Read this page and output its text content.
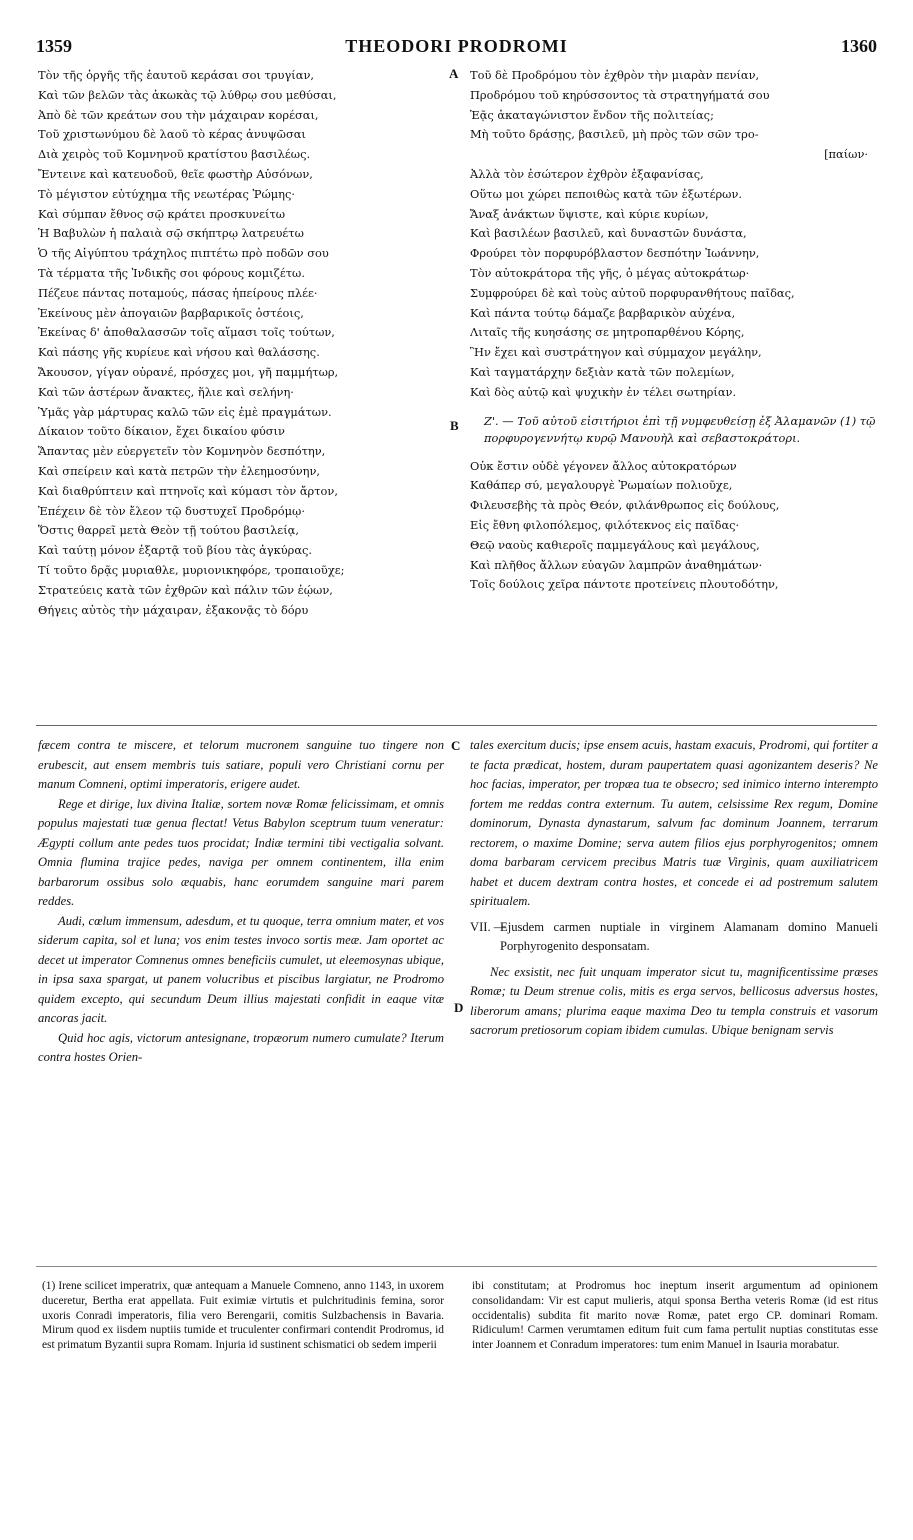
1359	THEODORI PRODROMI	1360
A
B
C
D
Τὸν τῆς ὀργῆς τῆς ἑαυτοῦ κεράσαι σοι τρυγίαν,
Καὶ τῶν βελῶν τὰς ἀκωκὰς τῷ λύθρῳ σου μεθύσαι,
Ἀπὸ δὲ τῶν κρεάτων σου τὴν μάχαιραν κορέσαι,
Τοῦ χριστωνύμου δὲ λαοῦ τὸ κέρας ἀνυψῶσαι
Διὰ χειρὸς τοῦ Κομνηνοῦ κρατίστου βασιλέως.
Ἔντεινε καὶ κατευοδοῦ, θεῖε φωστὴρ Αὐσόνων,
Τὸ μέγιστον εὐτύχημα τῆς νεωτέρας Ῥώμης·
Καὶ σύμπαν ἔθνος σῷ κράτει προσκυνείτω
Ἡ Βαβυλὼν ἡ παλαιὰ σῷ σκήπτρῳ λατρευέτω
Ὁ τῆς Αἰγύπτου τράχηλος πιπτέτω πρὸ ποδῶν σου
Τὰ τέρματα τῆς Ἰνδικῆς σοι φόρους κομιζέτω.
Πέζευε πάντας ποταμούς, πάσας ἠπείρους πλέε·
Ἐκείνους μὲν ἀπογαιῶν βαρβαρικοῖς ὀστέοις,
Ἐκείνας δ' ἀποθαλασσῶν τοῖς αἵμασι τοῖς τούτων,
Καὶ πάσης γῆς κυρίευε καὶ νήσου καὶ θαλάσσης.
Ἄκουσον, γίγαν οὐρανέ, πρόσχες μοι, γῆ παμμήτωρ,
Καὶ τῶν ἀστέρων ἄνακτες, ἥλιε καὶ σελήνη·
Ὑμᾶς γὰρ μάρτυρας καλῶ τῶν εἰς ἐμὲ πραγμάτων.
Δίκαιον τοῦτο δίκαιον, ἔχει δικαίου φύσιν
Ἅπαντας μὲν εὐεργετεῖν τὸν Κομνηνὸν δεσπότην,
Καὶ σπείρειν καὶ κατὰ πετρῶν τὴν ἐλεημοσύνην,
Καὶ διαθρύπτειν καὶ πτηνοῖς καὶ κύμασι τὸν ἄρτον,
Ἐπέχειν δὲ τὸν ἔλεον τῷ δυστυχεῖ Προδρόμῳ·
Ὅστις θαρρεῖ μετὰ Θεὸν τῇ τούτου βασιλείᾳ,
Καὶ ταύτῃ μόνον ἐξαρτᾷ τοῦ βίου τὰς ἀγκύρας.
Τί τοῦτο δρᾷς μυριαθλε, μυριονικηφόρε, τροπαιοῦχε;
Στρατεύεις κατὰ τῶν ἐχθρῶν καὶ πάλιν τῶν ἐῴων,
Θήγεις αὐτὸς τὴν μάχαιραν, ἐξακονᾷς τὸ δόρυ
Τοῦ δὲ Προδρόμου τὸν ἐχθρὸν τὴν μιαρὰν πενίαν,
Προδρόμου τοῦ κηρύσσοντος τὰ στρατηγήματά σου
Ἐᾷς ἀκαταγώνιστον ἔνδον τῆς πολιτείας;
Μὴ τοῦτο δράσῃς, βασιλεῦ, μὴ πρὸς τῶν σῶν τρο-
[παίων·
Ἀλλὰ τὸν ἐσώτερον ἐχθρὸν ἐξαφανίσας,
Οὕτω μοι χώρει πεποιθὼς κατὰ τῶν ἐξωτέρων.
Ἄναξ ἀνάκτων ὕψιστε, καὶ κύριε κυρίων,
Καὶ βασιλέων βασιλεῦ, καὶ δυναστῶν δυνάστα,
Φρούρει τὸν πορφυρόβλαστον δεσπότην Ἰωάννην,
Τὸν αὐτοκράτορα τῆς γῆς, ὁ μέγας αὐτοκράτωρ·
Συμφρούρει δὲ καὶ τοὺς αὐτοῦ πορφυρανθήτους παῖδας,
Καὶ πάντα τούτῳ δάμαζε βαρβαρικὸν αὐχένα,
Λιταῖς τῆς κυησάσης σε μητροπαρθένου Κόρης,
Ἣν ἔχει καὶ συστράτηγον καὶ σύμμαχον μεγάλην,
Καὶ ταγματάρχην δεξιὰν κατὰ τῶν πολεμίων,
Καὶ δὸς αὐτῷ καὶ ψυχικὴν ἐν τέλει σωτηρίαν.
Ζ'. — Τοῦ αὐτοῦ εἰσιτήριοι ἐπὶ τῇ νυμφευθείσῃ ἐξ Ἀλαμανῶν (1) τῷ πορφυρογεννήτῳ κυρῷ Μανουὴλ καὶ σεβαστοκράτορι.
Οὐκ ἔστιν οὐδὲ γέγονεν ἄλλος αὐτοκρατόρων
Καθάπερ σύ, μεγαλουργὲ Ῥωμαίων πολιοῦχε,
Φιλευσεβὴς τὰ πρὸς Θεόν, φιλάνθρωπος εἰς δούλους,
Εἰς ἔθνη φιλοπόλεμος, φιλότεκνος εἰς παῖδας·
Θεῷ ναοὺς καθιεροῖς παμμεγάλους καὶ μεγάλους,
Καὶ πλῆθος ἄλλων εὐαγῶν λαμπρῶν ἀναθημάτων·
Τοῖς δούλοις χεῖρα πάντοτε προτείνεις πλουτοδότην,

fæcem contra te miscere, et telorum mucronem sanguine tuo tingere non erubescit, aut ensem membris tuis satiare, populi vero Christiani cornu per manum Comneni, optimi imperatoris, erigere audet.

Rege et dirige, lux divina Italiæ, sortem novæ Romæ felicissimam, et omnis populus majestati tuæ genua flectat! Vetus Babylon sceptrum tuum veneratur: Ægypti collum ante pedes tuos procidat; Indiæ termini tibi vectigalia solvant. Omnia flumina trajice pedes, naviga per omnem continentem, illa enim barbarorum ossibus solo æquabis, hanc eorumdem sanguine mari parem reddes.

Audi, cœlum immensum, adesdum, et tu quoque, terra omnium mater, et vos siderum capita, sol et luna; vos enim testes invoco sortis meæ. Jam oportet ac decet ut imperator Comnenus omnes beneficiis cumulet, ut eleemosynas ubique, in ipsa saxa spargat, ut panem volucribus et piscibus largiatur, ne Prodromo quidem excepto, qui secundum Deum illius majestati confidit in eaque vitæ ancoras jacit.

Quid hoc agis, victorum antesignane, tropæorum numero cumulate? Iterum contra hostes Orien-

tales exercitum ducis; ipse ensem acuis, hastam exacuis, Prodromi, qui fortiter a te facta prædicat, hostem, duram paupertatem quasi agonizantem deseris? Ne hoc facias, imperator, per tropæa tua te obsecro; sed inimico interno interempto fortem me reddas contra externum. Tu autem, celsissime Rex regum, Domine dominorum, Dynasta dynastarum, salvum fac dominum Joannem, terrarum rectorem, o maxime Domine; serva autem filios ejus porphyrogenitos; omnem doma barbaram cervicem precibus Matris tuæ Virginis, quam auxiliatricem habet et ducem dextram contra hostes, et concede ei ad postremum salutem spiritualem.

VII. —
Ejusdem carmen nuptiale in virginem Alamanam domino Manueli Porphyrogenito desponsatam.

Nec exsistit, nec fuit unquam imperator sicut tu, magnificentissime præses Romæ; tu Deum strenue colis, mitis es erga servos, bellicosus adversus hostes, liberorum amans; plurima eaque maxima Deo tu templa construis et vasorum sacrorum pretiosorum copiam ibidem cumulas. Ubique benignam servis

(1) Irene scilicet imperatrix, quæ antequam a Manuele Comneno, anno 1143, in uxorem duceretur, Bertha erat appellata. Fuit eximiæ virtutis et pulchritudinis femina, soror uxoris Conradi imperatoris, filia vero Berengarii, comitis Sulzbachensis in Bavaria. Mirum quod ex iisdem nuptiis tumide et truculenter confirmari contendit Prodromus, id est primatum Byzantii supra Romam. Injuria id sustinent schismatici ob sedem imperii

ibi constitutam; at Prodromus hoc ineptum inserit argumentum ad opinionem consolidandam: Vir est caput mulieris, atqui sponsa Bertha veteris Romæ (id est ritus occidentalis) subdita fit marito novæ Romæ, patet ergo CP. dominari Romam. Ridiculum! Carmen verumtamen editum fuit cum fama pertulit nuptias constitutas esse inter Joannem et Conradum imperatores: tum enim Manuel in Isauria morabatur.
